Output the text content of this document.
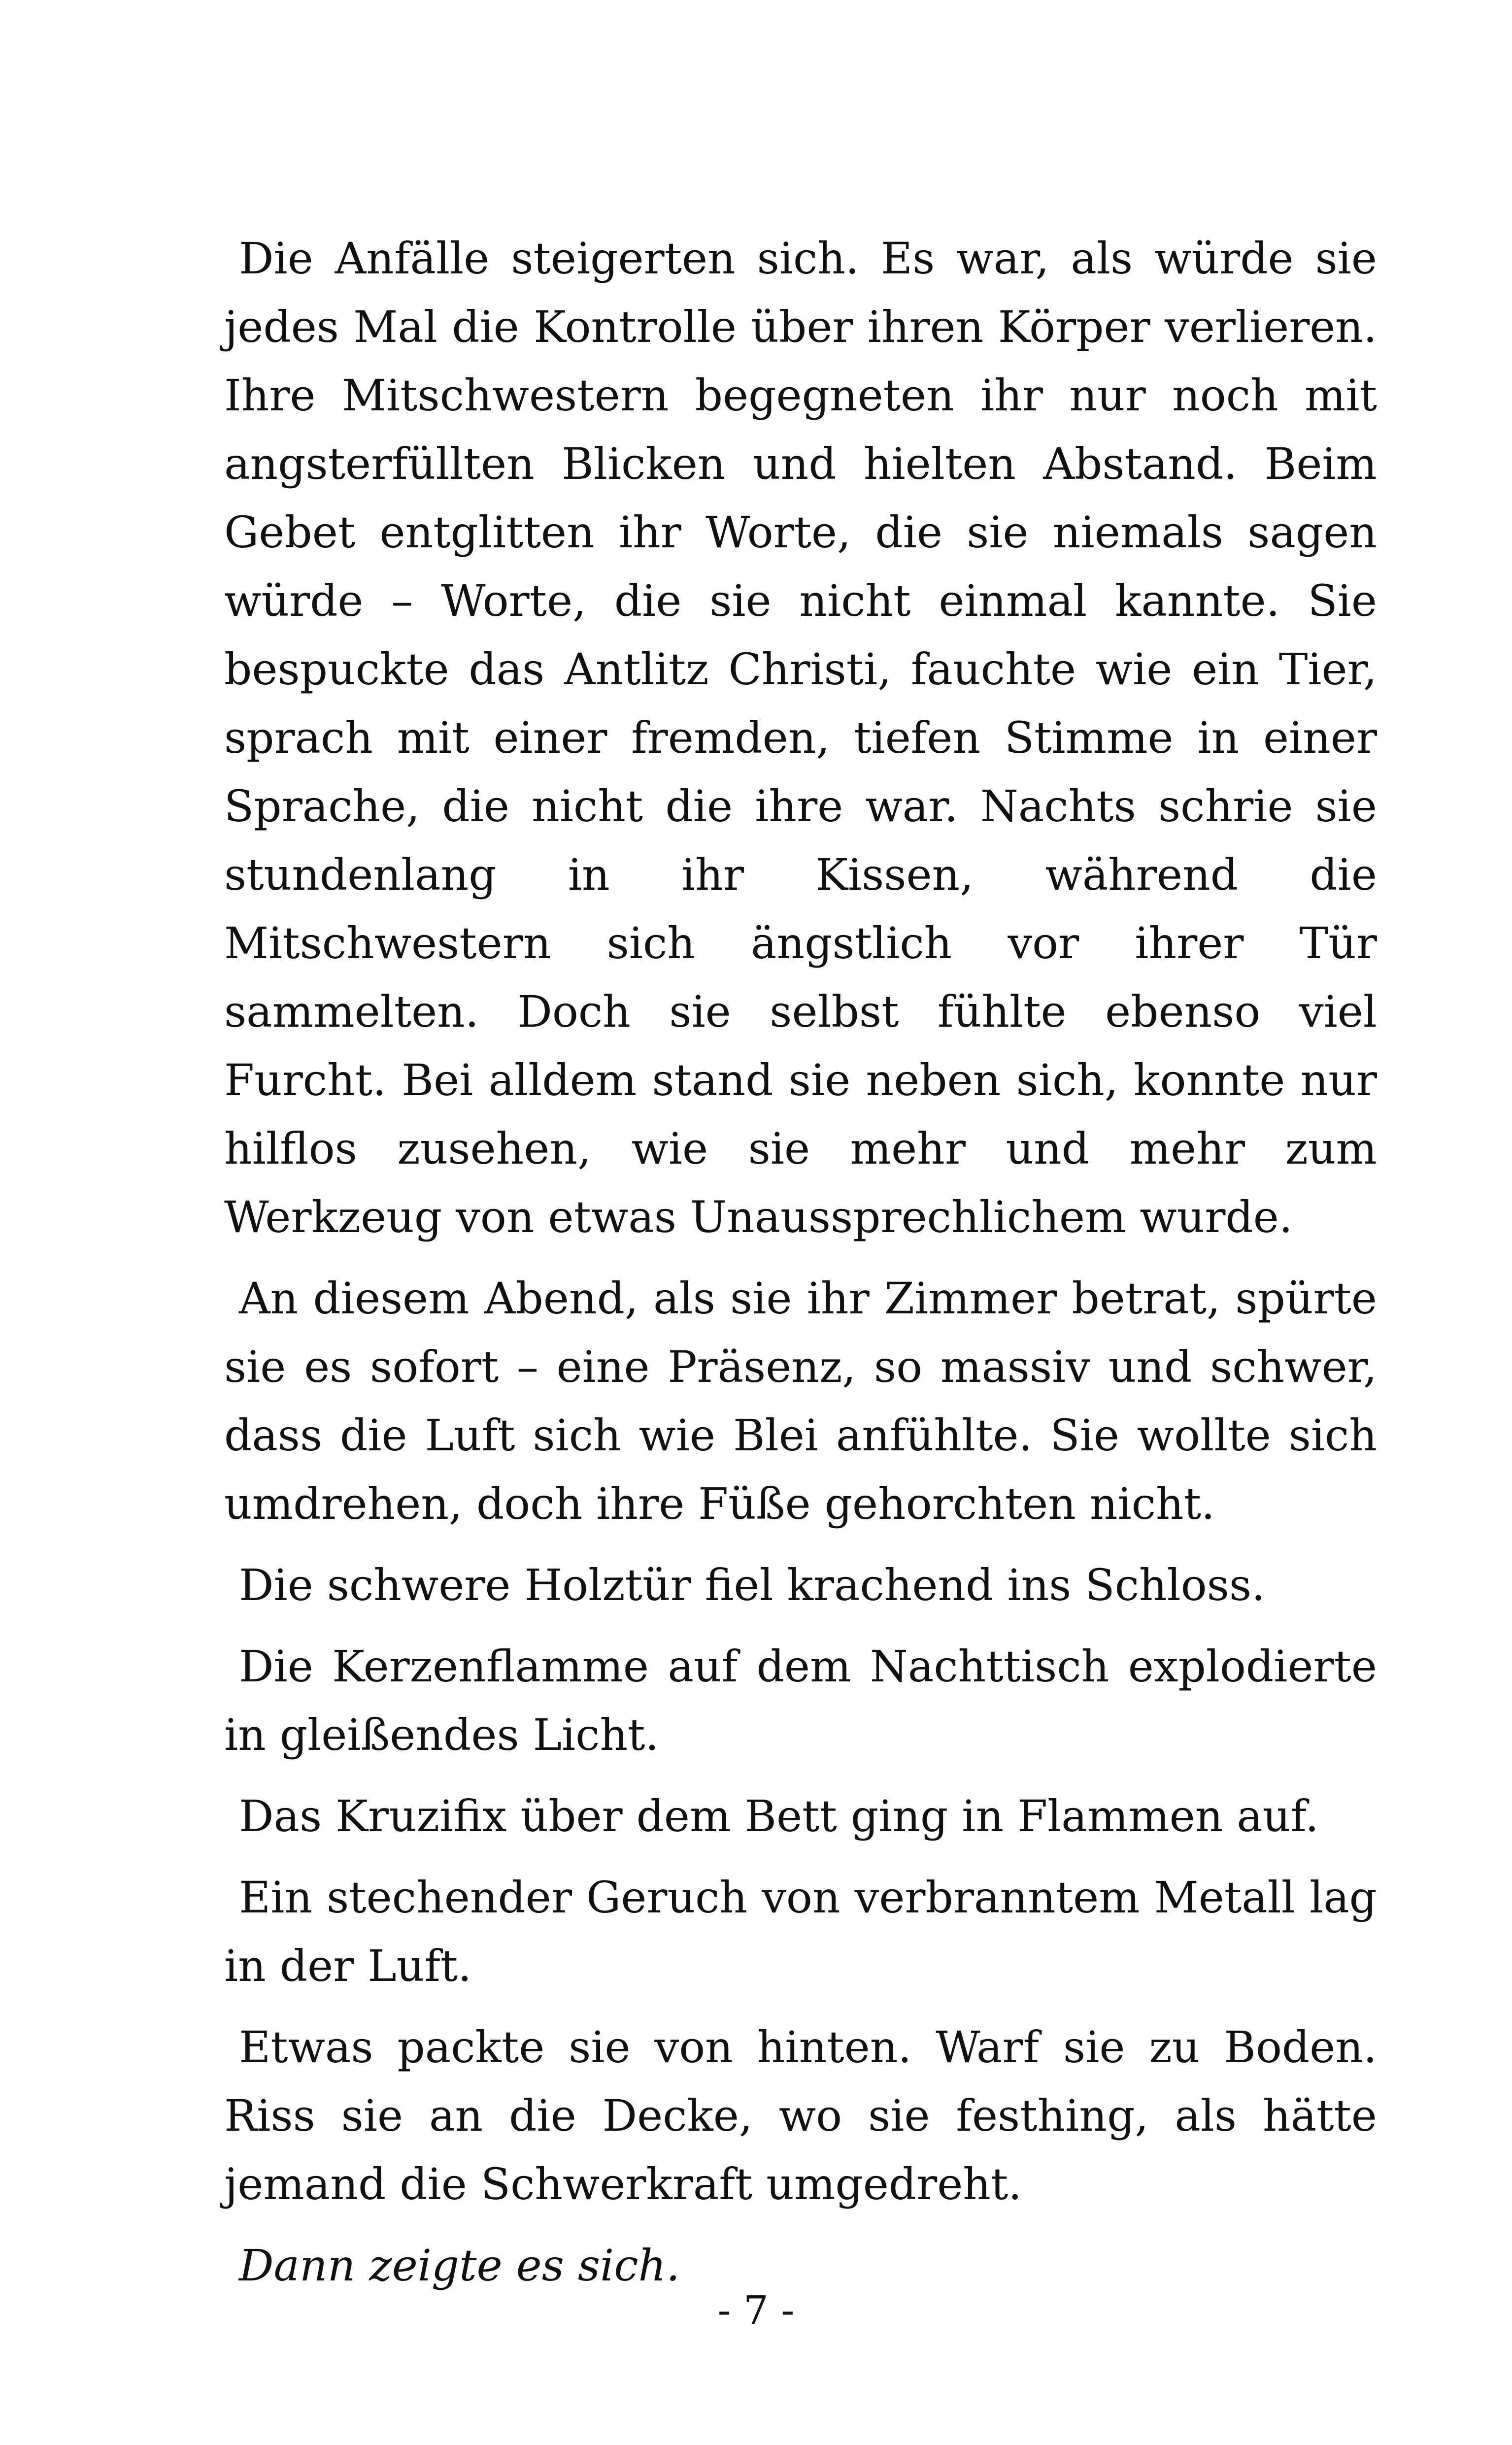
Die Anfälle steigerten sich. Es war, als würde sie jedes Mal die Kontrolle über ihren Körper verlieren. Ihre Mitschwestern begegneten ihr nur noch mit angsterfüllten Blicken und hielten Abstand. Beim Gebet entglitten ihr Worte, die sie niemals sagen würde – Worte, die sie nicht einmal kannte. Sie bespuckte das Antlitz Christi, fauchte wie ein Tier, sprach mit einer fremden, tiefen Stimme in einer Sprache, die nicht die ihre war. Nachts schrie sie stundenlang in ihr Kissen, während die Mitschwestern sich ängstlich vor ihrer Tür sammelten. Doch sie selbst fühlte ebenso viel Furcht. Bei alldem stand sie neben sich, konnte nur hilflos zusehen, wie sie mehr und mehr zum Werkzeug von etwas Unaussprechlichem wurde.

An diesem Abend, als sie ihr Zimmer betrat, spürte sie es sofort – eine Präsenz, so massiv und schwer, dass die Luft sich wie Blei anfühlte. Sie wollte sich umdrehen, doch ihre Füße gehorchten nicht.

Die schwere Holztür fiel krachend ins Schloss.

Die Kerzenflamme auf dem Nachttisch explodierte in gleißendes Licht.

Das Kruzifix über dem Bett ging in Flammen auf.

Ein stechender Geruch von verbranntem Metall lag in der Luft.

Etwas packte sie von hinten. Warf sie zu Boden. Riss sie an die Decke, wo sie festhing, als hätte jemand die Schwerkraft umgedreht.

Dann zeigte es sich.

- 7 -
